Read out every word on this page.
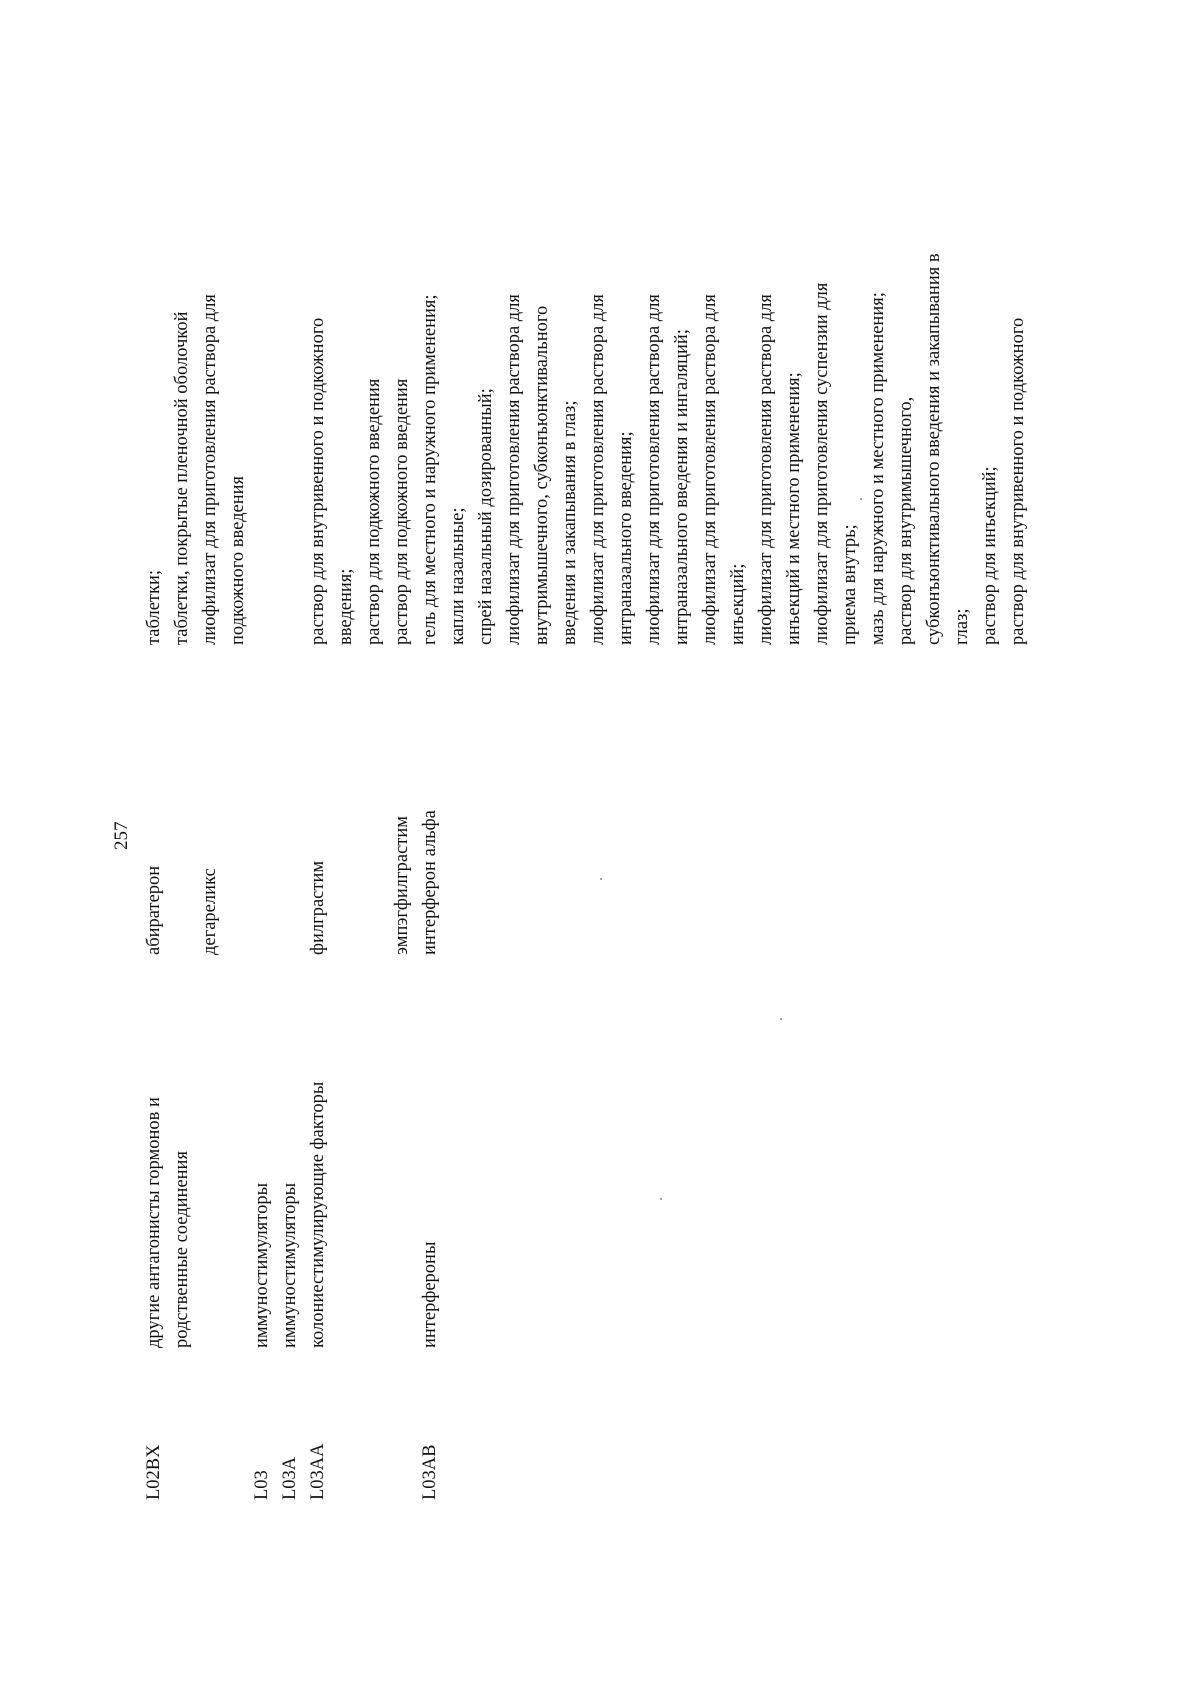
257
L02BX
другие антагонисты гормонов и родственные соединения
абиратерон дегареликс
таблетки; таблетки, покрытые пленочной оболочкой лиофилизат для приготовления раствора для подкожного введения
L03 L03A L03AA
иммуностимуляторы иммуностимуляторы колониестимулирующие факторы
филграстим	эмпэгфилграстим
раствор для внутривенного и подкожного введения; раствор для подкожного введения раствор для подкожного введения
L03AB
интерфероны
интерферон альфа
гель для местного и наружного применения; капли назальные; спрей назальный дозированный; лиофилизат для приготовления раствора для внутримышечного, субконъюнктивального введения и закапывания в глаз; лиофилизат для приготовления раствора для интраназального введения; лиофилизат для приготовления раствора для интраназального введения и ингаляций; лиофилизат для приготовления раствора для инъекций; лиофилизат для приготовления раствора для инъекций и местного применения; лиофилизат для приготовления суспензии для приема внутрь; мазь для наружного и местного применения; раствор для внутримышечного, субконъюнктивального введения и закапывания в глаз; раствор для инъекций; раствор для внутривенного и подкожного
